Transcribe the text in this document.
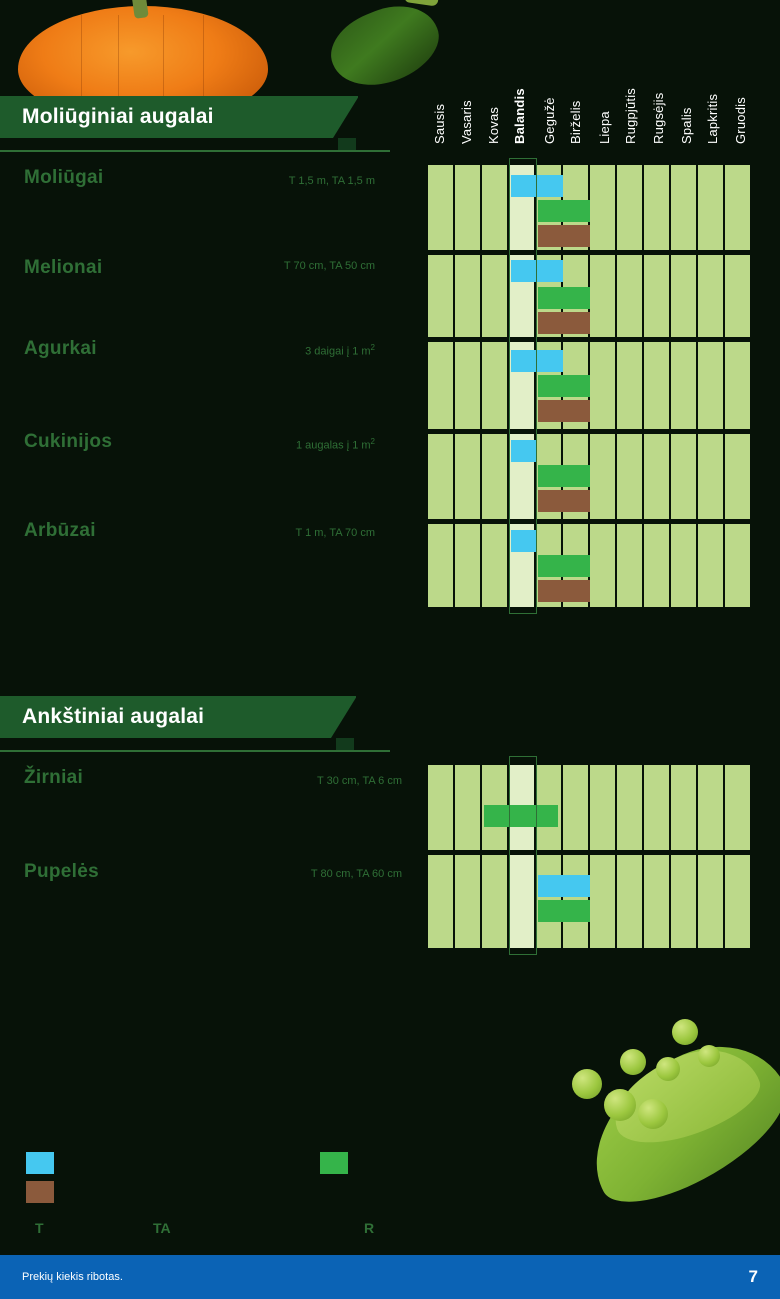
Moliūginiai augalai	Sausis Vasaris Kovas Balandis Gegužė Birželis Liepa Rugpjūtis Rugsėjis Spalis Lapkritis Gruodis
Moliūgai	T 1,5 m, TA 1,5 m
Melionai	T 70 cm, TA 50 cm
Agurkai	3 daigai į 1 $m^2$
Cukinijos	1 augalas į 1 $m^2$
Arbūzai	T 1 m, TA 70 cm
Ankštiniai augalai
Žirniai	T 30 cm, TA 6 cm
Pupelės	T 80 cm, TA 60 cm
T	TA	R
Prekių kiekis ribotas.	7
